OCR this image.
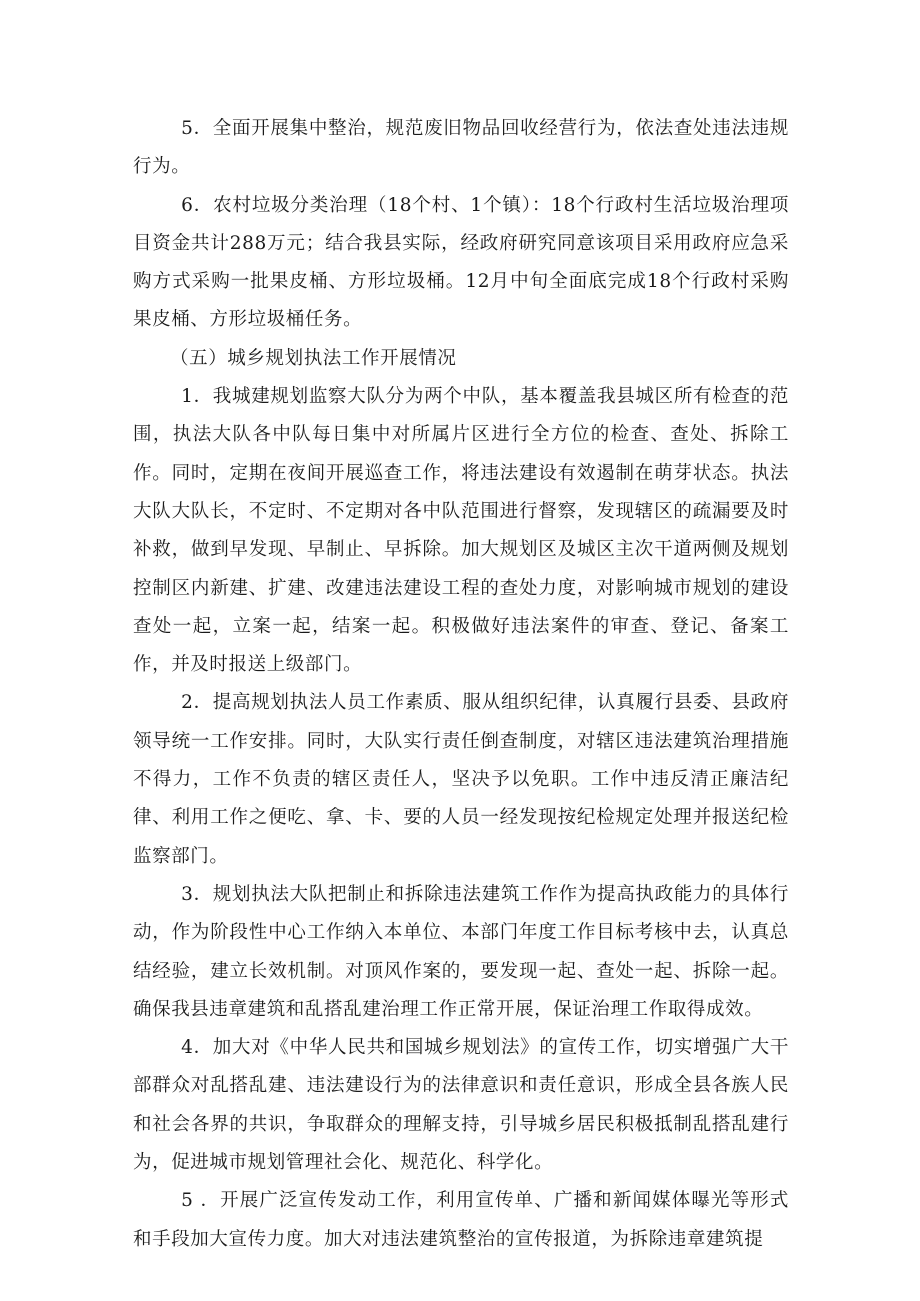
5．全面开展集中整治，规范废旧物品回收经营行为，依法查处违法违规行为。

6．农村垃圾分类治理（18个村、1个镇）：18个行政村生活垃圾治理项目资金共计288万元；结合我县实际，经政府研究同意该项目采用政府应急采购方式采购一批果皮桶、方形垃圾桶。12月中旬全面底完成18个行政村采购果皮桶、方形垃圾桶任务。

（五）城乡规划执法工作开展情况

1．我城建规划监察大队分为两个中队，基本覆盖我县城区所有检查的范围，执法大队各中队每日集中对所属片区进行全方位的检查、查处、拆除工作。同时，定期在夜间开展巡查工作，将违法建设有效遏制在萌芽状态。执法大队大队长，不定时、不定期对各中队范围进行督察，发现辖区的疏漏要及时补救，做到早发现、早制止、早拆除。加大规划区及城区主次干道两侧及规划控制区内新建、扩建、改建违法建设工程的查处力度，对影响城市规划的建设查处一起，立案一起，结案一起。积极做好违法案件的审查、登记、备案工作，并及时报送上级部门。

2．提高规划执法人员工作素质、服从组织纪律，认真履行县委、县政府领导统一工作安排。同时，大队实行责任倒查制度，对辖区违法建筑治理措施不得力，工作不负责的辖区责任人，坚决予以免职。工作中违反清正廉洁纪律、利用工作之便吃、拿、卡、要的人员一经发现按纪检规定处理并报送纪检监察部门。

3．规划执法大队把制止和拆除违法建筑工作作为提高执政能力的具体行动，作为阶段性中心工作纳入本单位、本部门年度工作目标考核中去，认真总结经验，建立长效机制。对顶风作案的，要发现一起、查处一起、拆除一起。确保我县违章建筑和乱搭乱建治理工作正常开展，保证治理工作取得成效。

4．加大对《中华人民共和国城乡规划法》的宣传工作，切实增强广大干部群众对乱搭乱建、违法建设行为的法律意识和责任意识，形成全县各族人民和社会各界的共识，争取群众的理解支持，引导城乡居民积极抵制乱搭乱建行为，促进城市规划管理社会化、规范化、科学化。

5 ．开展广泛宣传发动工作，利用宣传单、广播和新闻媒体曝光等形式和手段加大宣传力度。加大对违法建筑整治的宣传报道，为拆除违章建筑提
